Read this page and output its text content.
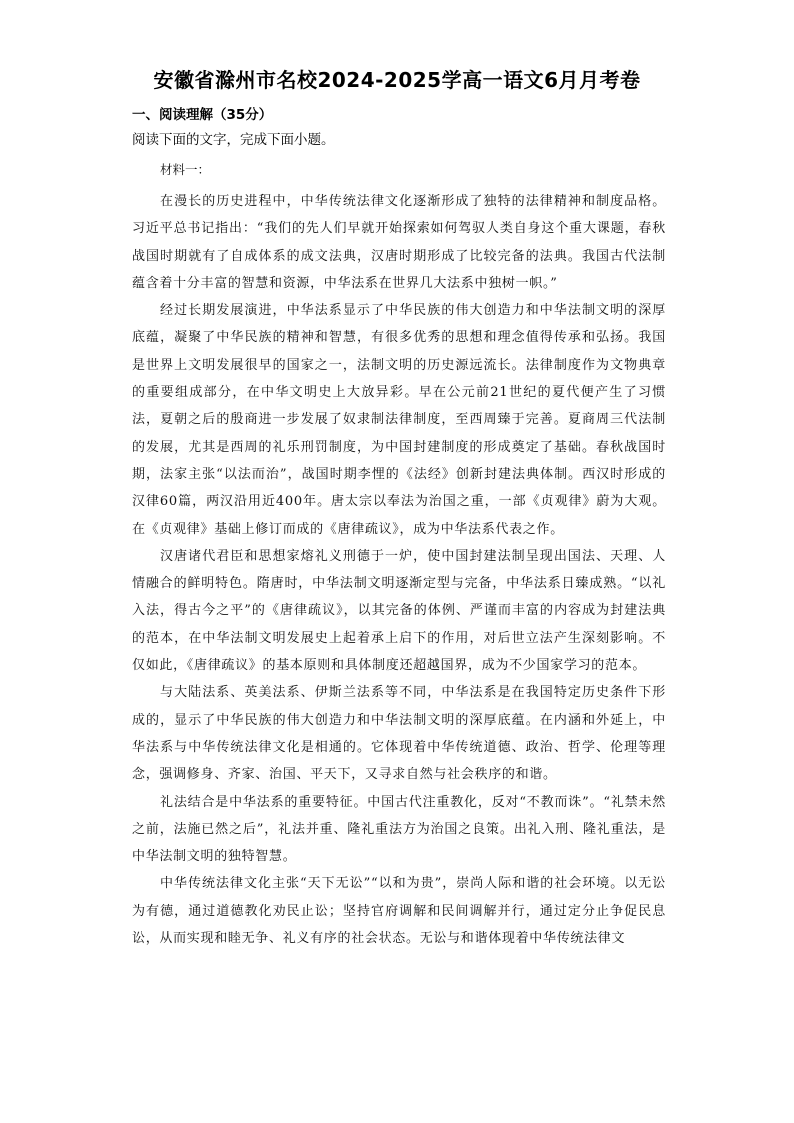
安徽省滁州市名校2024-2025学高一语文6月月考卷
一、阅读理解（35分）
阅读下面的文字，完成下面小题。
材料一：

在漫长的历史进程中，中华传统法律文化逐渐形成了独特的法律精神和制度品格。习近平总书记指出：“我们的先人们早就开始探索如何驾驭人类自身这个重大课题，春秋战国时期就有了自成体系的成文法典，汉唐时期形成了比较完备的法典。我国古代法制蕴含着十分丰富的智慧和资源，中华法系在世界几大法系中独树一帜。”

经过长期发展演进，中华法系显示了中华民族的伟大创造力和中华法制文明的深厚底蕴，凝聚了中华民族的精神和智慧，有很多优秀的思想和理念值得传承和弘扬。我国是世界上文明发展很早的国家之一，法制文明的历史源远流长。法律制度作为文物典章的重要组成部分，在中华文明史上大放异彩。早在公元前21世纪的夏代便产生了习惯法，夏朝之后的殷商进一步发展了奴隶制法律制度，至西周臻于完善。夏商周三代法制的发展，尤其是西周的礼乐刑罚制度，为中国封建制度的形成奠定了基础。春秋战国时期，法家主张“以法而治”，战国时期李悝的《法经》创新封建法典体制。西汉时形成的汉律60篇，两汉沿用近400年。唐太宗以奉法为治国之重，一部《贞观律》蔚为大观。在《贞观律》基础上修订而成的《唐律疏议》，成为中华法系代表之作。

汉唐诸代君臣和思想家熔礼义刑德于一炉，使中国封建法制呈现出国法、天理、人情融合的鲜明特色。隋唐时，中华法制文明逐渐定型与完备，中华法系日臻成熟。“以礼入法，得古今之平”的《唐律疏议》，以其完备的体例、严谨而丰富的内容成为封建法典的范本，在中华法制文明发展史上起着承上启下的作用，对后世立法产生深刻影响。不仅如此，《唐律疏议》的基本原则和具体制度还超越国界，成为不少国家学习的范本。

与大陆法系、英美法系、伊斯兰法系等不同，中华法系是在我国特定历史条件下形成的，显示了中华民族的伟大创造力和中华法制文明的深厚底蕴。在内涵和外延上，中华法系与中华传统法律文化是相通的。它体现着中华传统道德、政治、哲学、伦理等理念，强调修身、齐家、治国、平天下，又寻求自然与社会秩序的和谐。

礼法结合是中华法系的重要特征。中国古代注重教化，反对“不教而诛”。“礼禁未然之前，法施已然之后”，礼法并重、隆礼重法方为治国之良策。出礼入刑、隆礼重法，是中华法制文明的独特智慧。

中华传统法律文化主张“天下无讼”“以和为贵”，崇尚人际和谐的社会环境。以无讼为有德，通过道德教化劝民止讼；坚持官府调解和民间调解并行，通过定分止争促民息讼，从而实现和睦无争、礼义有序的社会状态。无讼与和谐体现着中华传统法律文
